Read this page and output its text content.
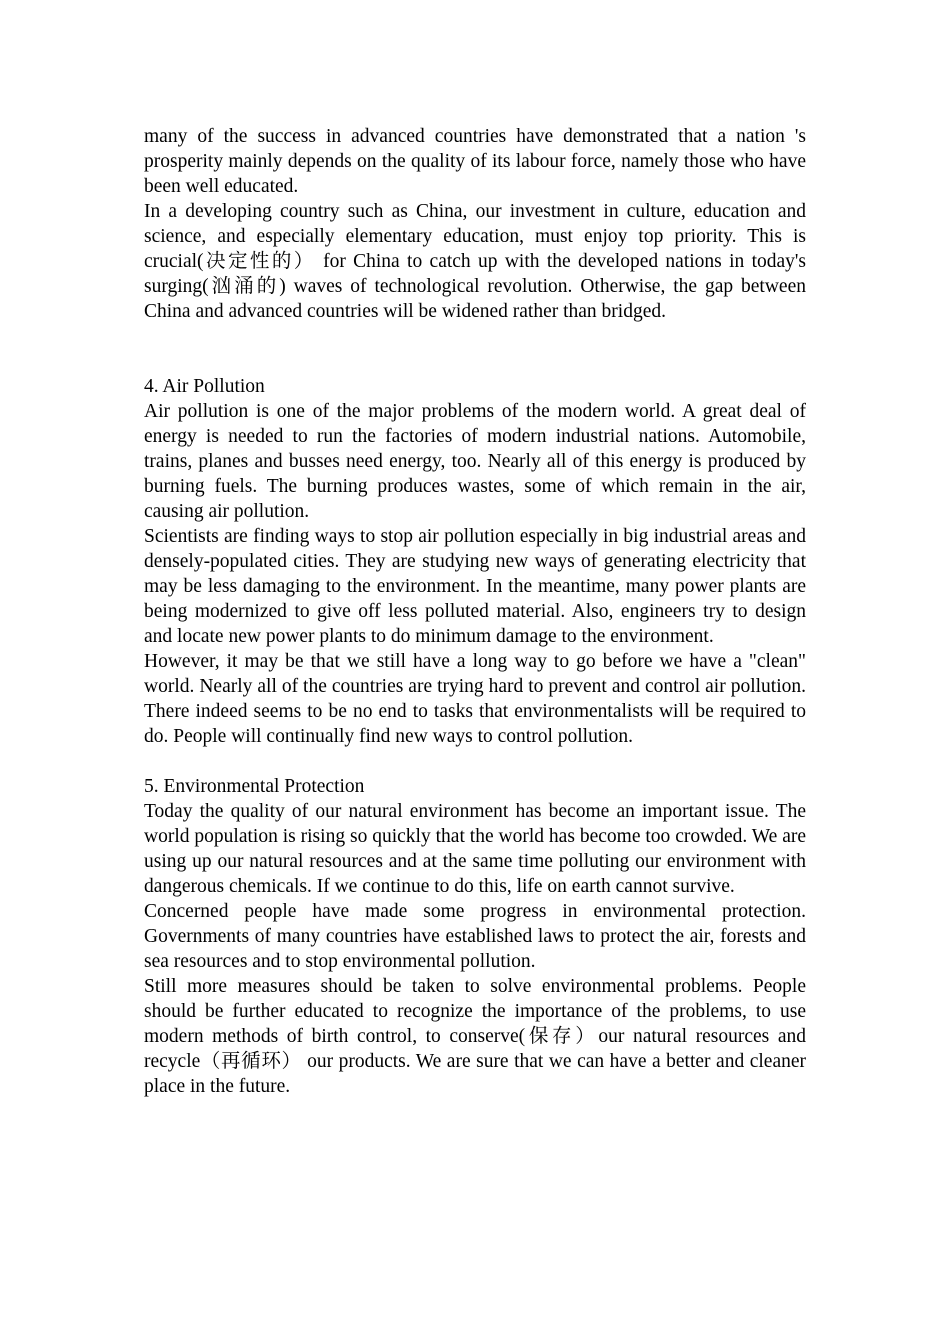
many of the success in advanced countries have demonstrated that a nation 's prosperity mainly depends on the quality of its labour force, namely those who have been well educated.

In a developing country such as China, our investment in culture, education and science, and especially elementary education, must enjoy top priority. This is crucial(决定性的） for China to catch up with the developed nations in today's surging(汹涌的) waves of technological revolution. Otherwise, the gap between China and advanced countries will be widened rather than bridged.

4. Air Pollution

Air pollution is one of the major problems of the modern world. A great deal of energy is needed to run the factories of modern industrial nations. Automobile, trains, planes and busses need energy, too. Nearly all of this energy is produced by burning fuels. The burning produces wastes, some of which remain in the air, causing air pollution.

Scientists are finding ways to stop air pollution especially in big industrial areas and densely-populated cities. They are studying new ways of generating electricity that may be less damaging to the environment. In the meantime, many power plants are being modernized to give off less polluted material. Also, engineers try to design and locate new power plants to do minimum damage to the environment.

However, it may be that we still have a long way to go before we have a "clean" world. Nearly all of the countries are trying hard to prevent and control air pollution. There indeed seems to be no end to tasks that environmentalists will be required to do. People will continually find new ways to control pollution.

5. Environmental Protection

Today the quality of our natural environment has become an important issue. The world population is rising so quickly that the world has become too crowded. We are using up our natural resources and at the same time polluting our environment with dangerous chemicals. If we continue to do this, life on earth cannot survive.

Concerned people have made some progress in environmental protection. Governments of many countries have established laws to protect the air, forests and sea resources and to stop environmental pollution.

Still more measures should be taken to solve environmental problems. People should be further educated to recognize the importance of the problems, to use modern methods of birth control, to conserve(保存）our natural resources and recycle（再循环） our products. We are sure that we can have a better and cleaner place in the future.
